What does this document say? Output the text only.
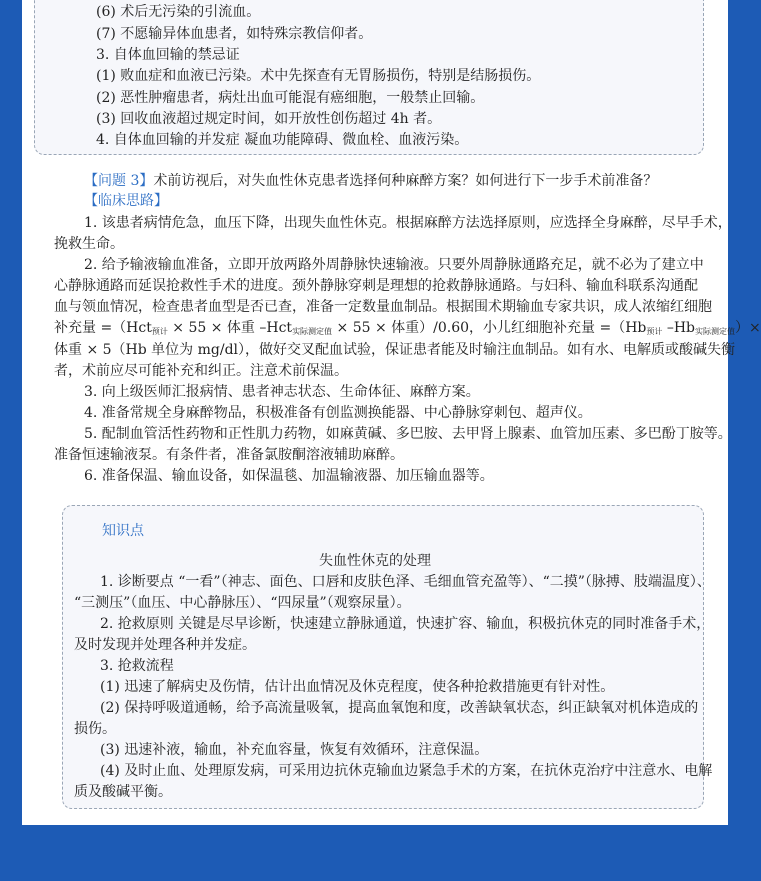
(6) 术后无污染的引流血。
(7) 不愿输异体血患者，如特殊宗教信仰者。
3. 自体血回输的禁忌证
(1) 败血症和血液已污染。术中先探查有无胃肠损伤，特别是结肠损伤。
(2) 恶性肿瘤患者，病灶出血可能混有癌细胞，一般禁止回输。
(3) 回收血液超过规定时间，如开放性创伤超过 4h 者。
4. 自体血回输的并发症 凝血功能障碍、微血栓、血液污染。
【问题 3】术前访视后，对失血性休克患者选择何种麻醉方案？如何进行下一步手术前准备？
【临床思路】
1. 该患者病情危急，血压下降，出现失血性休克。根据麻醉方法选择原则，应选择全身麻醉，尽早手术，
挽救生命。
2. 给予输液输血准备，立即开放两路外周静脉快速输液。只要外周静脉通路充足，就不必为了建立中
心静脉通路而延误抢救性手术的进度。颈外静脉穿刺是理想的抢救静脉通路。与妇科、输血科联系沟通配
血与领血情况，检查患者血型是否已查，准备一定数量血制品。根据围术期输血专家共识，成人浓缩红细胞
补充量 =（Hct$_{预计}$ × 55 × 体重 –Hct$_{实际测定值}$ × 55 × 体重）/0.60，小儿红细胞补充量 $=(Hb_{预计}$ $-Hb_{实际测定值})\times$
体重 × 5（Hb 单位为 mg/dl），做好交叉配血试验，保证患者能及时输注血制品。如有水、电解质或酸碱失衡
者，术前应尽可能补充和纠正。注意术前保温。
3. 向上级医师汇报病情、患者神志状态、生命体征、麻醉方案。
4. 准备常规全身麻醉物品，积极准备有创监测换能器、中心静脉穿刺包、超声仪。
5. 配制血管活性药物和正性肌力药物，如麻黄碱、多巴胺、去甲肾上腺素、血管加压素、多巴酚丁胺等。
准备恒速输液泵。有条件者，准备氯胺酮溶液辅助麻醉。
6. 准备保温、输血设备，如保温毯、加温输液器、加压输血器等。
知识点
失血性休克的处理
1. 诊断要点 “一看”（神志、面色、口唇和皮肤色泽、毛细血管充盈等）、“二摸”（脉搏、肢端温度）、
“三测压”（血压、中心静脉压）、“四尿量”（观察尿量）。
2. 抢救原则 关键是尽早诊断，快速建立静脉通道，快速扩容、输血，积极抗休克的同时准备手术，
及时发现并处理各种并发症。
3. 抢救流程
(1) 迅速了解病史及伤情，估计出血情况及休克程度，使各种抢救措施更有针对性。
(2) 保持呼吸道通畅，给予高流量吸氧，提高血氧饱和度，改善缺氧状态，纠正缺氧对机体造成的
损伤。
(3) 迅速补液，输血，补充血容量，恢复有效循环，注意保温。
(4) 及时止血、处理原发病，可采用边抗休克输血边紧急手术的方案，在抗休克治疗中注意水、电解
质及酸碱平衡。
